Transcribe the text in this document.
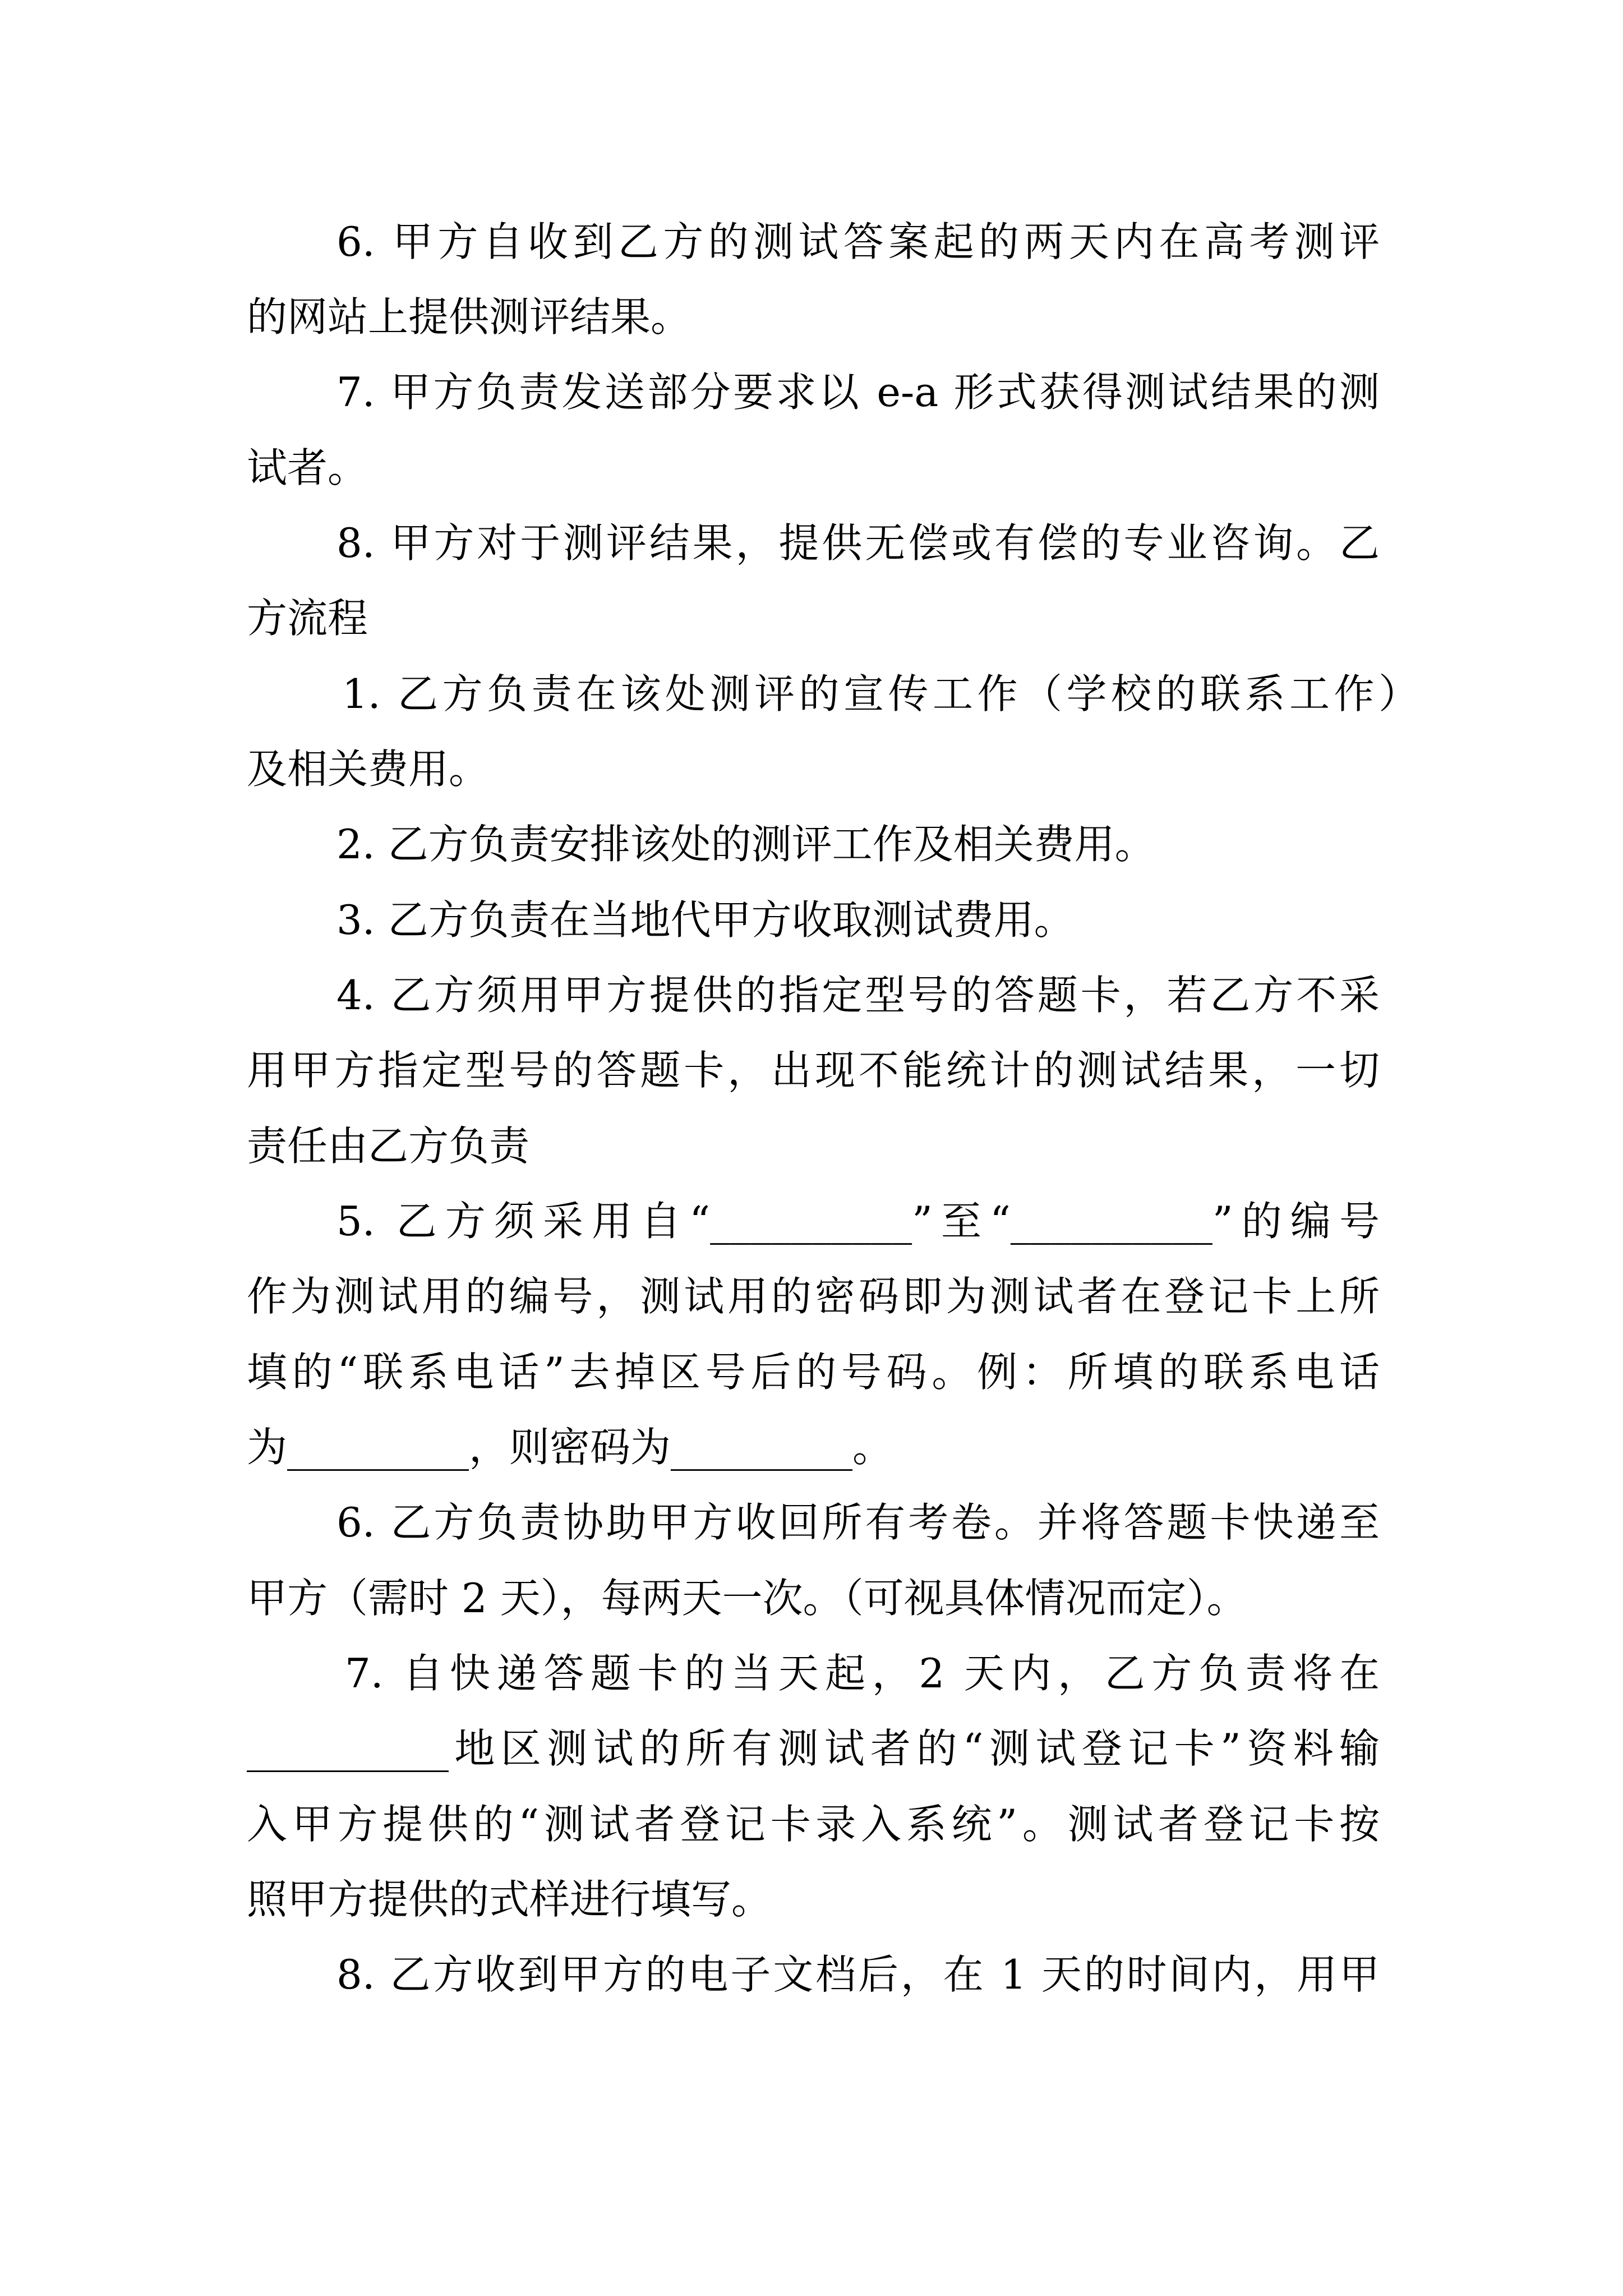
6. 甲方自收到乙方的测试答案起的两天内在高考测评

的网站上提供测评结果。

7. 甲方负责发送部分要求以 e-a 形式获得测试结果的测

试者。

8. 甲方对于测评结果，提供无偿或有偿的专业咨询。乙

方流程

1. 乙方负责在该处测评的宣传工作（学校的联系工作）

及相关费用。

2. 乙方负责安排该处的测评工作及相关费用。

3. 乙方负责在当地代甲方收取测试费用。

4. 乙方须用甲方提供的指定型号的答题卡，若乙方不采

用甲方指定型号的答题卡，出现不能统计的测试结果，一切

责任由乙方负责

5. 乙方须采用自“__________”至“__________”的编号

作为测试用的编号，测试用的密码即为测试者在登记卡上所

填的“联系电话”去掉区号后的号码。例：所填的联系电话

为_________，则密码为_________。

6. 乙方负责协助甲方收回所有考卷。并将答题卡快递至

甲方（需时 2 天），每两天一次。（可视具体情况而定）。

7. 自快递答题卡的当天起，2 天内，乙方负责将在

__________地区测试的所有测试者的“测试登记卡”资料输

入甲方提供的“测试者登记卡录入系统”。测试者登记卡按

照甲方提供的式样进行填写。

8. 乙方收到甲方的电子文档后，在 1 天的时间内，用甲
